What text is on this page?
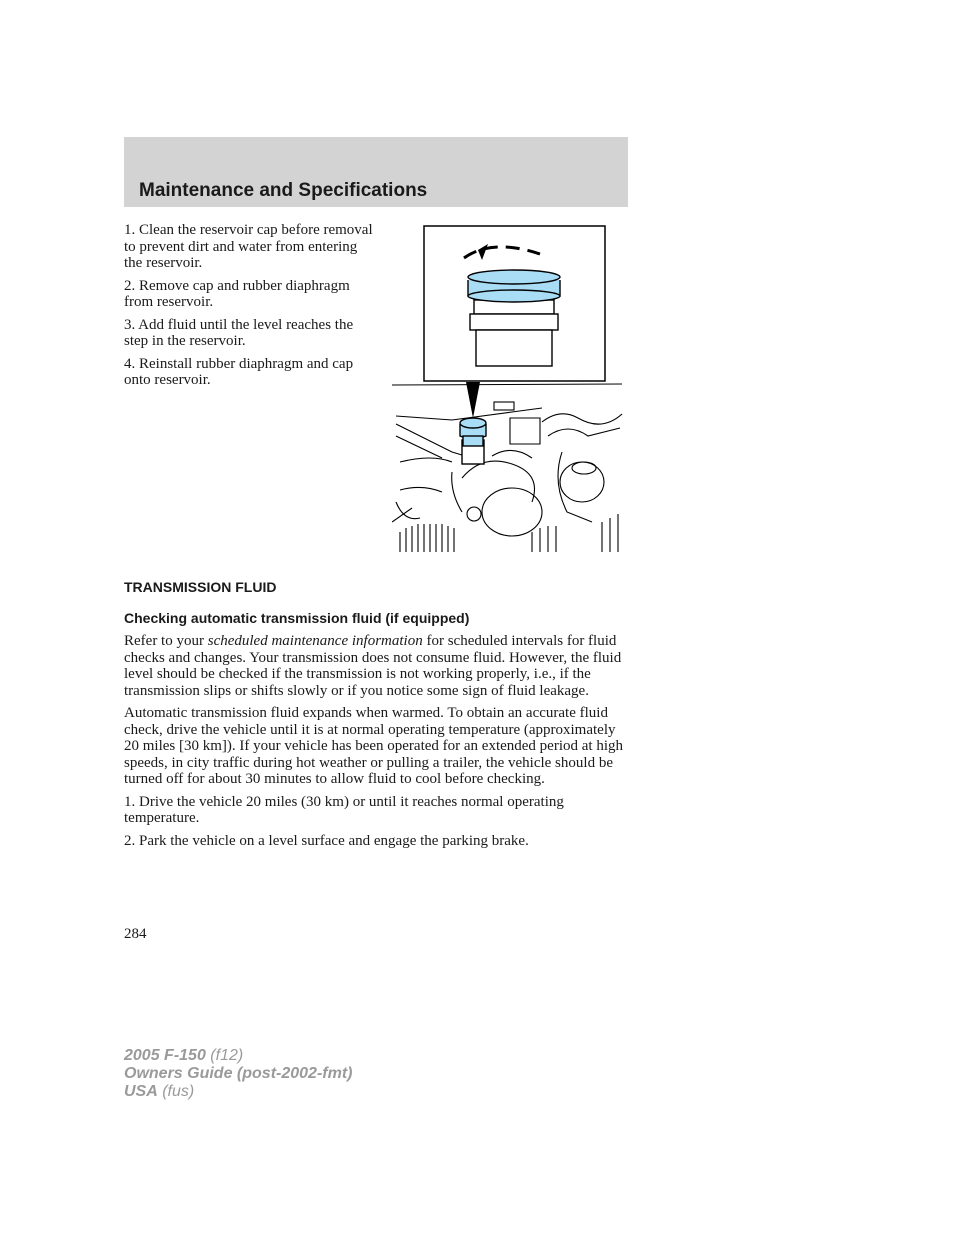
Maintenance and Specifications

1. Clean the reservoir cap before removal to prevent dirt and water from entering the reservoir.

2. Remove cap and rubber diaphragm from reservoir.

3. Add fluid until the level reaches the step in the reservoir.

4. Reinstall rubber diaphragm and cap onto reservoir.

TRANSMISSION FLUID
Checking automatic transmission fluid (if equipped)

Refer to your scheduled maintenance information for scheduled intervals for fluid checks and changes. Your transmission does not consume fluid. However, the fluid level should be checked if the transmission is not working properly, i.e., if the transmission slips or shifts slowly or if you notice some sign of fluid leakage.

Automatic transmission fluid expands when warmed. To obtain an accurate fluid check, drive the vehicle until it is at normal operating temperature (approximately 20 miles [30 km]). If your vehicle has been operated for an extended period at high speeds, in city traffic during hot weather or pulling a trailer, the vehicle should be turned off for about 30 minutes to allow fluid to cool before checking.

1. Drive the vehicle 20 miles (30 km) or until it reaches normal operating temperature.

2. Park the vehicle on a level surface and engage the parking brake.

284
2005 F-150 (f12)
Owners Guide (post-2002-fmt)
USA (fus)
